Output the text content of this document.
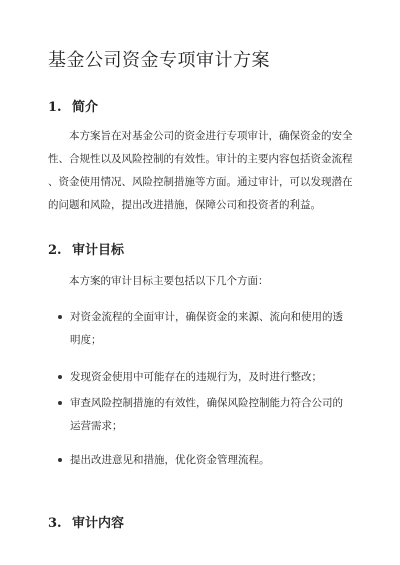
基金公司资金专项审计方案
1. 简介

本方案旨在对基金公司的资金进行专项审计，确保资金的安全
性、合规性以及风险控制的有效性。审计的主要内容包括资金流程
、资金使用情况、风险控制措施等方面。通过审计，可以发现潜在
的问题和风险，提出改进措施，保障公司和投资者的利益。

2. 审计目标

本方案的审计目标主要包括以下几个方面：

对资金流程的全面审计，确保资金的来源、流向和使用的透
明度；
发现资金使用中可能存在的违规行为，及时进行整改；
审查风险控制措施的有效性，确保风险控制能力符合公司的
运营需求；
提出改进意见和措施，优化资金管理流程。
3. 审计内容
